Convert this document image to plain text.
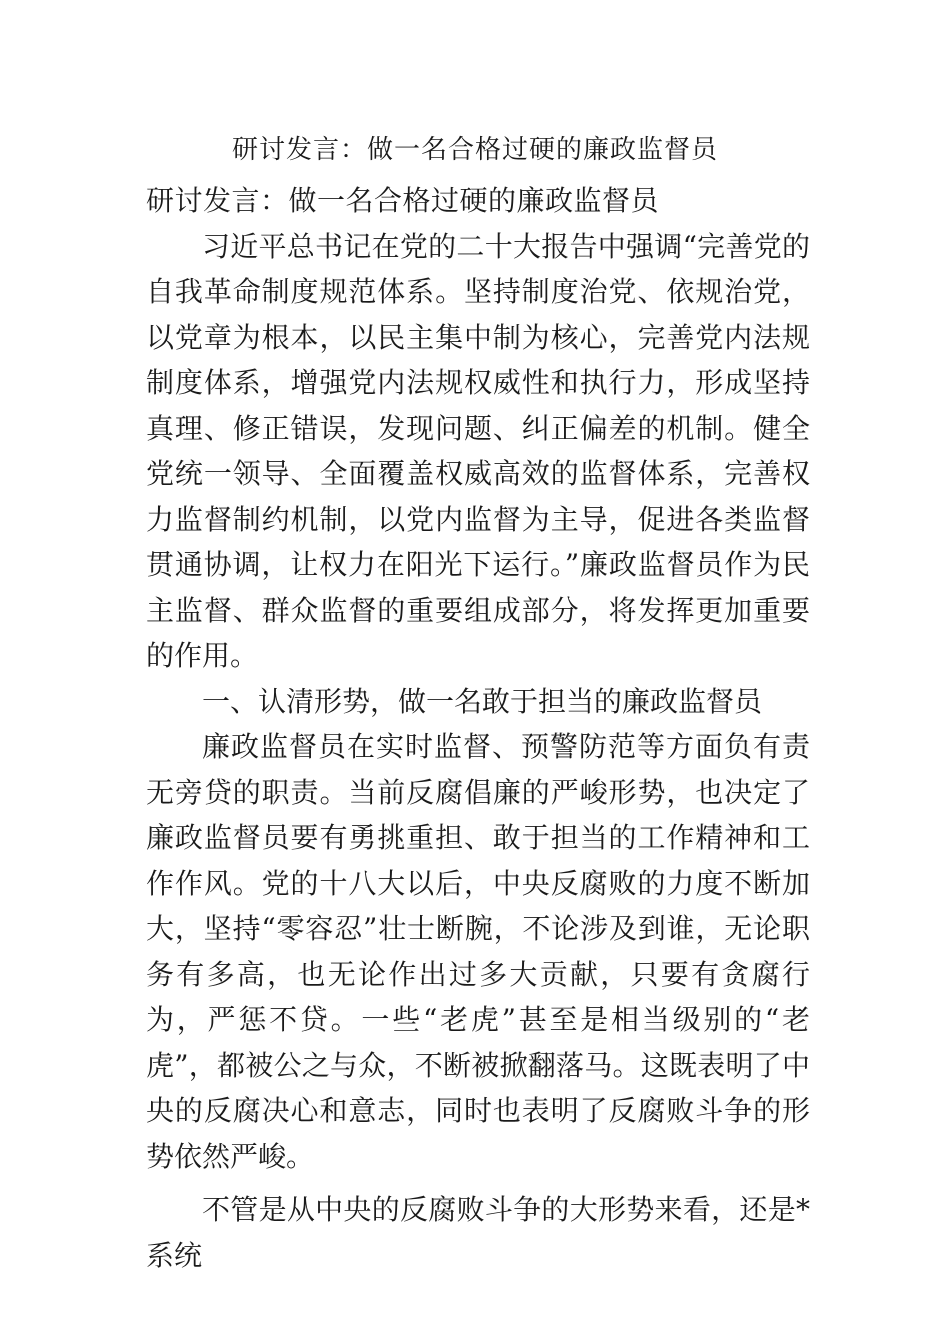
研讨发言：做一名合格过硬的廉政监督员

研讨发言：做一名合格过硬的廉政监督员

习近平总书记在党的二十大报告中强调“完善党的自我革命制度规范体系。坚持制度治党、依规治党，以党章为根本，以民主集中制为核心，完善党内法规制度体系，增强党内法规权威性和执行力，形成坚持真理、修正错误，发现问题、纠正偏差的机制。健全党统一领导、全面覆盖权威高效的监督体系，完善权力监督制约机制，以党内监督为主导，促进各类监督贯通协调，让权力在阳光下运行。”廉政监督员作为民主监督、群众监督的重要组成部分，将发挥更加重要的作用。

一、认清形势，做一名敢于担当的廉政监督员

廉政监督员在实时监督、预警防范等方面负有责无旁贷的职责。当前反腐倡廉的严峻形势，也决定了廉政监督员要有勇挑重担、敢于担当的工作精神和工作作风。党的十八大以后，中央反腐败的力度不断加大，坚持“零容忍”壮士断腕，不论涉及到谁，无论职务有多高，也无论作出过多大贡献，只要有贪腐行为，严惩不贷。一些“老虎”甚至是相当级别的“老虎”，都被公之与众，不断被掀翻落马。这既表明了中央的反腐决心和意志，同时也表明了反腐败斗争的形势依然严峻。

不管是从中央的反腐败斗争的大形势来看，还是*系统
